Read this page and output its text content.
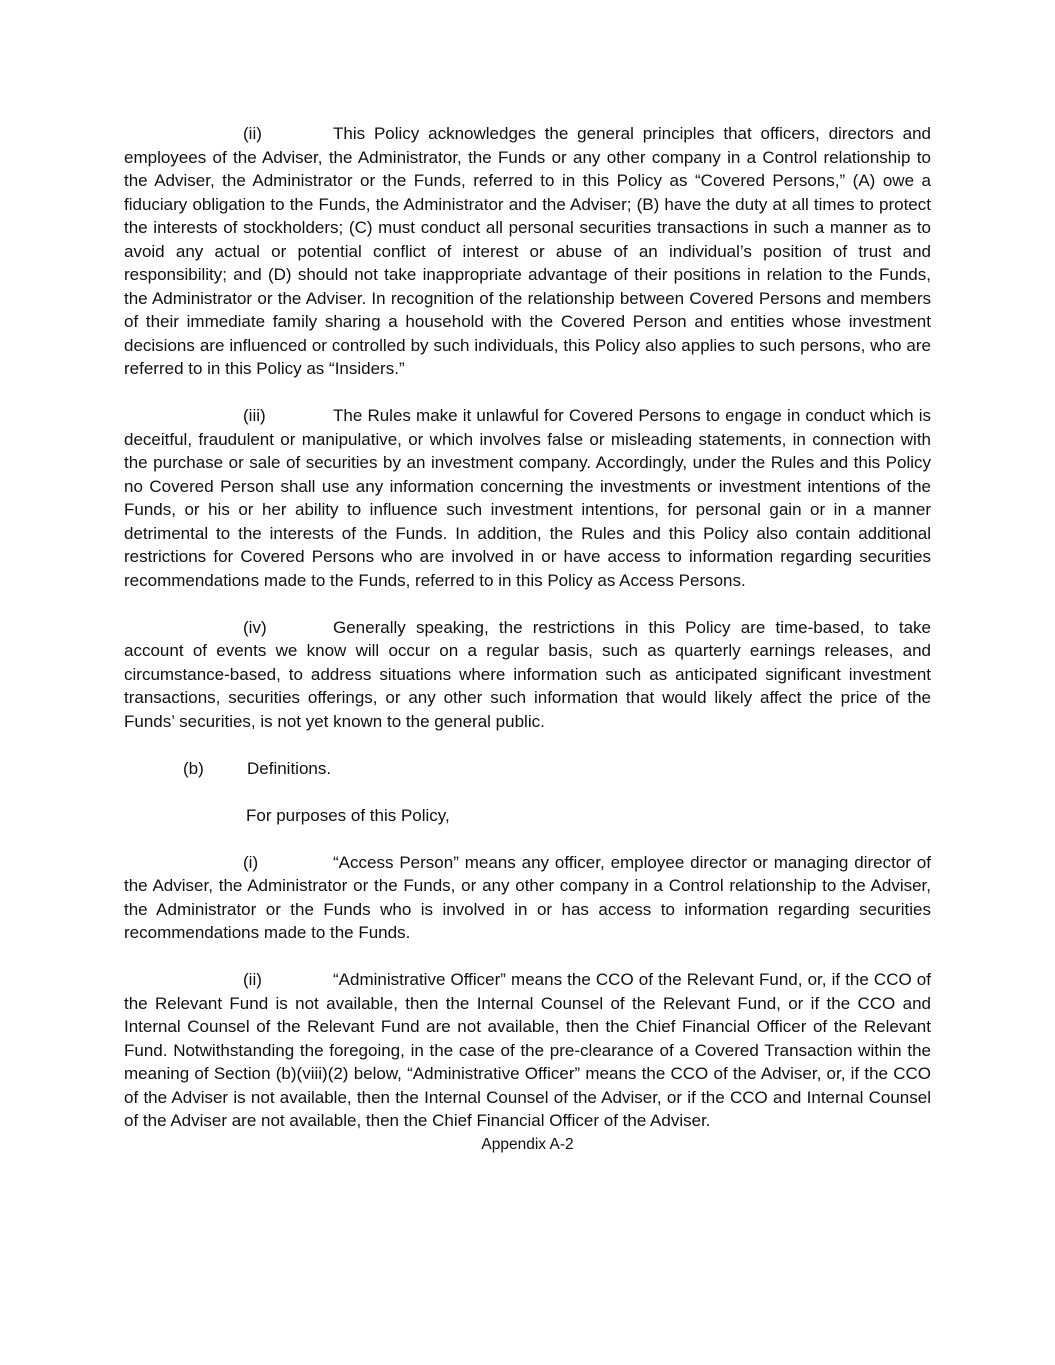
(ii)	This Policy acknowledges the general principles that officers, directors and employees of the Adviser, the Administrator, the Funds or any other company in a Control relationship to the Adviser, the Administrator or the Funds, referred to in this Policy as “Covered Persons,” (A) owe a fiduciary obligation to the Funds, the Administrator and the Adviser; (B) have the duty at all times to protect the interests of stockholders; (C) must conduct all personal securities transactions in such a manner as to avoid any actual or potential conflict of interest or abuse of an individual’s position of trust and responsibility; and (D) should not take inappropriate advantage of their positions in relation to the Funds, the Administrator or the Adviser. In recognition of the relationship between Covered Persons and members of their immediate family sharing a household with the Covered Person and entities whose investment decisions are influenced or controlled by such individuals, this Policy also applies to such persons, who are referred to in this Policy as “Insiders.”

(iii)	The Rules make it unlawful for Covered Persons to engage in conduct which is deceitful, fraudulent or manipulative, or which involves false or misleading statements, in connection with the purchase or sale of securities by an investment company. Accordingly, under the Rules and this Policy no Covered Person shall use any information concerning the investments or investment intentions of the Funds, or his or her ability to influence such investment intentions, for personal gain or in a manner detrimental to the interests of the Funds. In addition, the Rules and this Policy also contain additional restrictions for Covered Persons who are involved in or have access to information regarding securities recommendations made to the Funds, referred to in this Policy as Access Persons.

(iv)	Generally speaking, the restrictions in this Policy are time-based, to take account of events we know will occur on a regular basis, such as quarterly earnings releases, and circumstance-based, to address situations where information such as anticipated significant investment transactions, securities offerings, or any other such information that would likely affect the price of the Funds’ securities, is not yet known to the general public.

(b)	Definitions.

For purposes of this Policy,

(i)	“Access Person” means any officer, employee director or managing director of the Adviser, the Administrator or the Funds, or any other company in a Control relationship to the Adviser, the Administrator or the Funds who is involved in or has access to information regarding securities recommendations made to the Funds.

(ii)	“Administrative Officer” means the CCO of the Relevant Fund, or, if the CCO of the Relevant Fund is not available, then the Internal Counsel of the Relevant Fund, or if the CCO and Internal Counsel of the Relevant Fund are not available, then the Chief Financial Officer of the Relevant Fund. Notwithstanding the foregoing, in the case of the pre-clearance of a Covered Transaction within the meaning of Section (b)(viii)(2) below, “Administrative Officer” means the CCO of the Adviser, or, if the CCO of the Adviser is not available, then the Internal Counsel of the Adviser, or if the CCO and Internal Counsel of the Adviser are not available, then the Chief Financial Officer of the Adviser.

Appendix A-2
